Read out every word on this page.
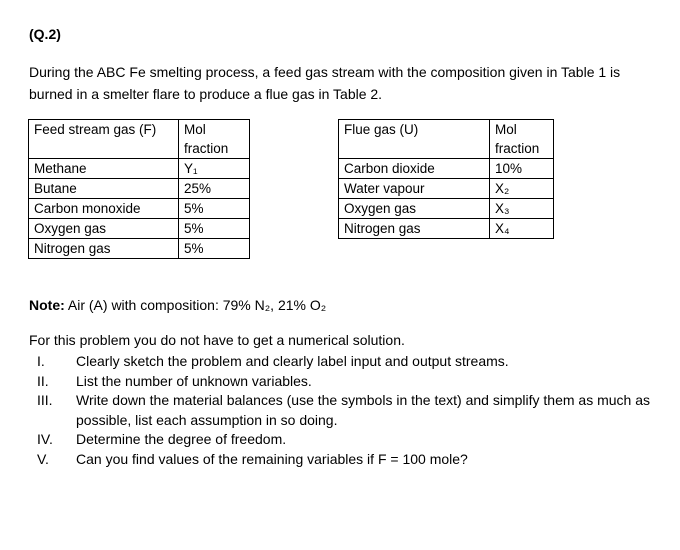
(Q.2)
During the ABC Fe smelting process, a feed gas stream with the composition given in Table 1 is burned in a smelter flare to produce a flue gas in Table 2.
Feed stream gas (F)	Mol fraction
Methane	Y₁
Butane	25%
Carbon monoxide	5%
Oxygen gas	5%
Nitrogen gas	5%
Flue gas (U)	Mol fraction
Carbon dioxide	10%
Water vapour	X₂
Oxygen gas	X₃
Nitrogen gas	X₄
Note: Air (A) with composition: 79% N₂, 21% O₂
For this problem you do not have to get a numerical solution.
I.	Clearly sketch the problem and clearly label input and output streams.
II.	List the number of unknown variables.
III.	Write down the material balances (use the symbols in the text) and simplify them as much as possible, list each assumption in so doing.
IV.	Determine the degree of freedom.
V.	Can you find values of the remaining variables if F = 100 mole?
